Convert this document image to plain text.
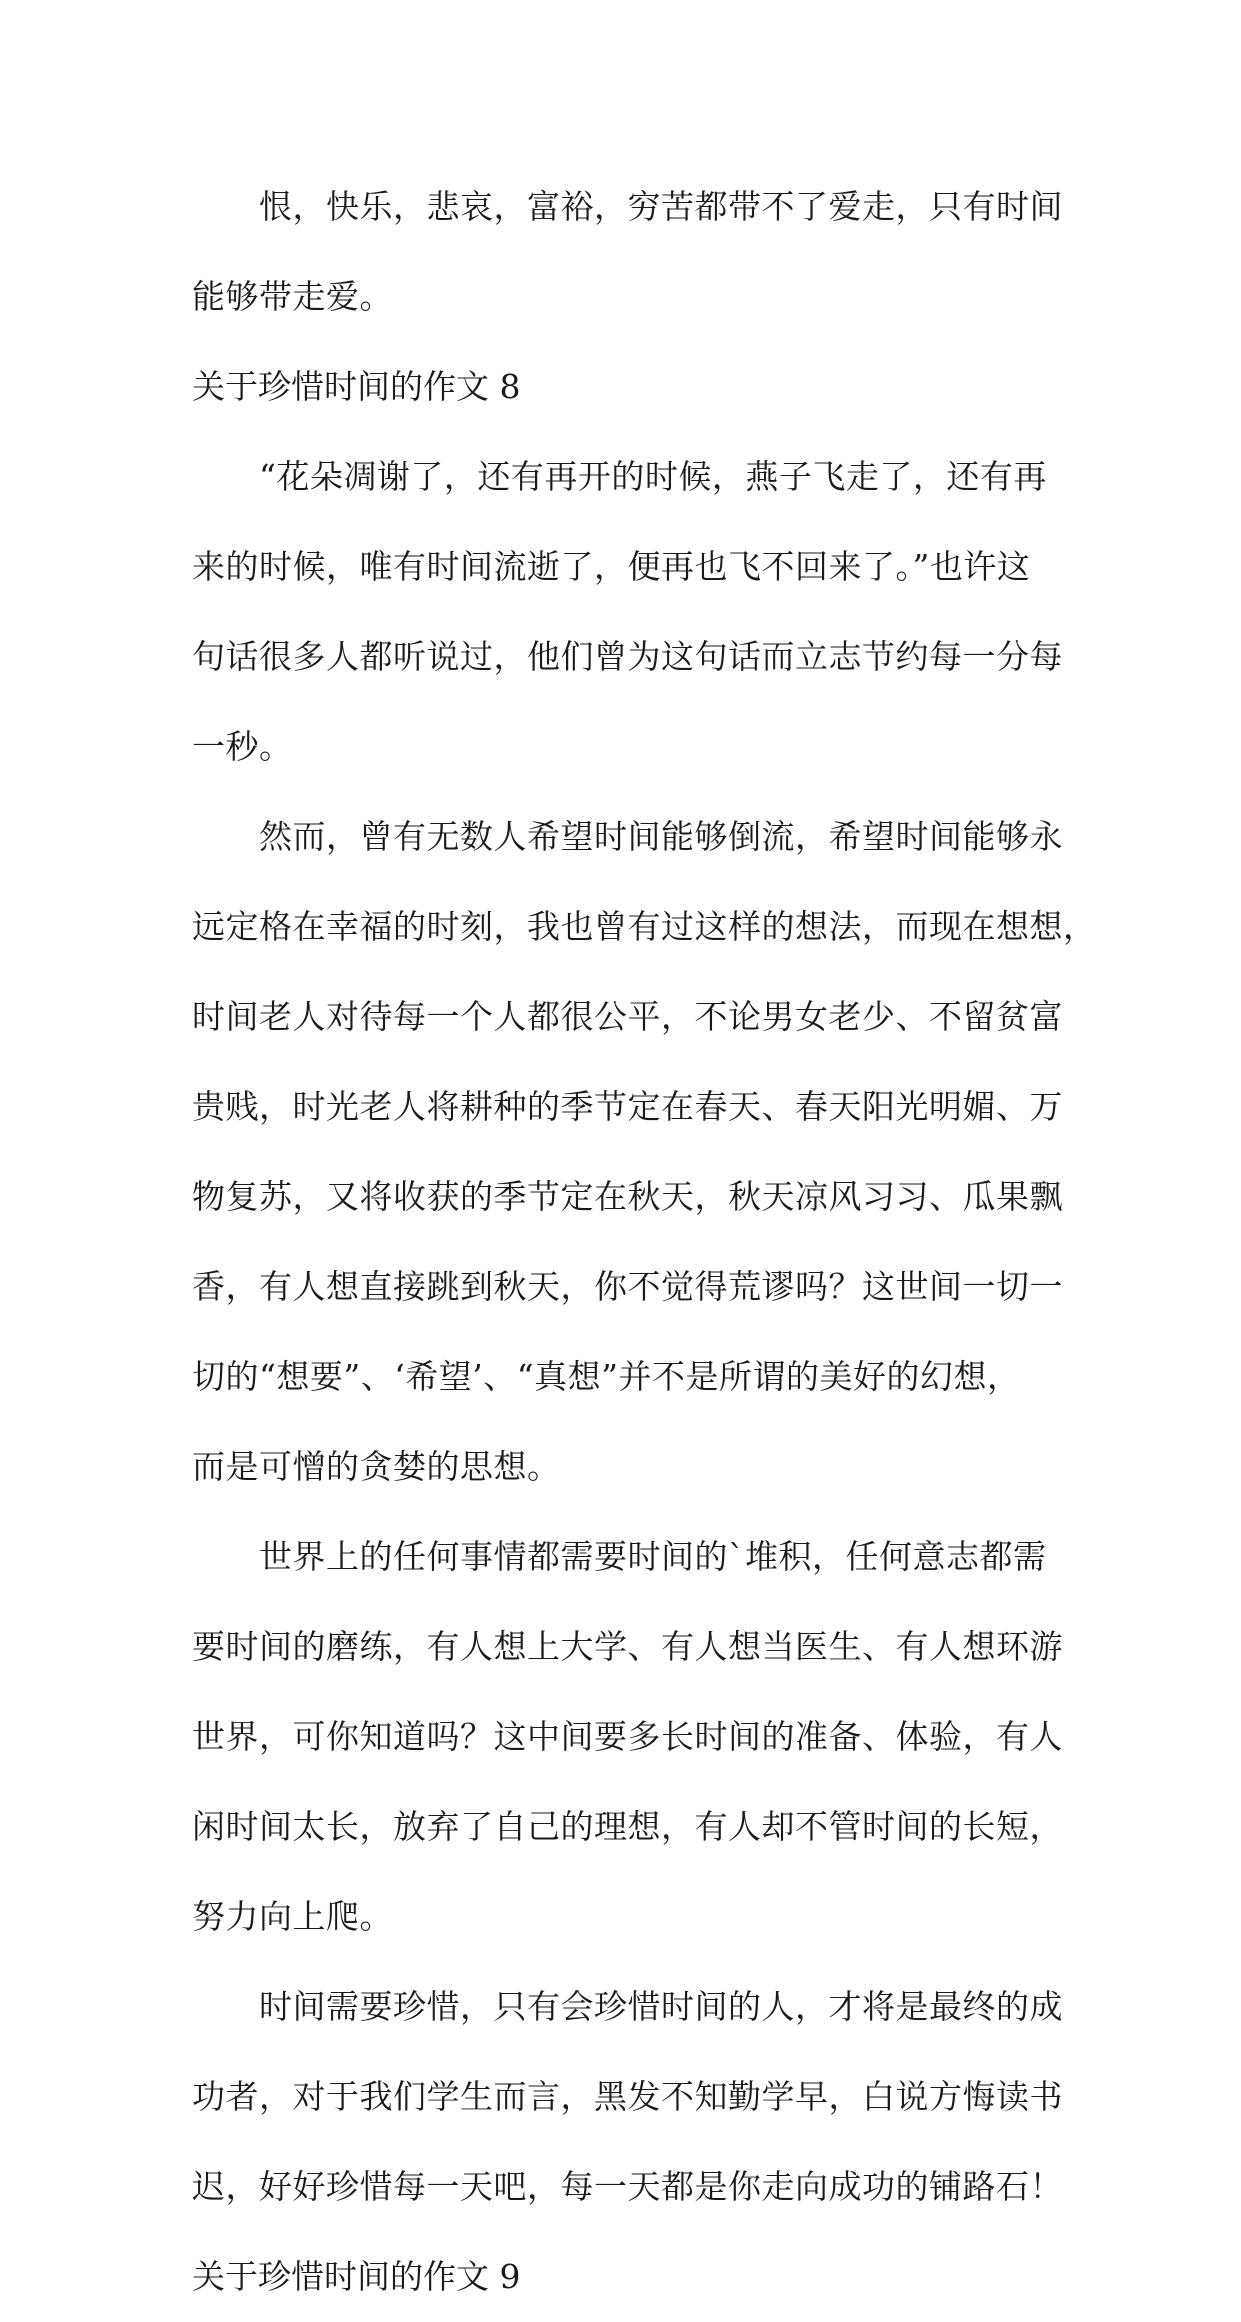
　　恨，快乐，悲哀，富裕，穷苦都带不了爱走，只有时间
能够带走爱。
关于珍惜时间的作文 8
　　“花朵凋谢了，还有再开的时候，燕子飞走了，还有再
来的时候，唯有时间流逝了，便再也飞不回来了。”也许这
句话很多人都听说过，他们曾为这句话而立志节约每一分每
一秒。
　　然而，曾有无数人希望时间能够倒流，希望时间能够永
远定格在幸福的时刻，我也曾有过这样的想法，而现在想想，
时间老人对待每一个人都很公平，不论男女老少、不留贫富
贵贱，时光老人将耕种的季节定在春天、春天阳光明媚、万
物复苏，又将收获的季节定在秋天，秋天凉风习习、瓜果飘
香，有人想直接跳到秋天，你不觉得荒谬吗？这世间一切一
切的“想要”、‘希望’、“真想”并不是所谓的美好的幻想，
而是可憎的贪婪的思想。
　　世界上的任何事情都需要时间的`堆积，任何意志都需
要时间的磨练，有人想上大学、有人想当医生、有人想环游
世界，可你知道吗？这中间要多长时间的准备、体验，有人
闲时间太长，放弃了自己的理想，有人却不管时间的长短，
努力向上爬。
　　时间需要珍惜，只有会珍惜时间的人，才将是最终的成
功者，对于我们学生而言，黑发不知勤学早，白说方悔读书
迟，好好珍惜每一天吧，每一天都是你走向成功的铺路石！
关于珍惜时间的作文 9
